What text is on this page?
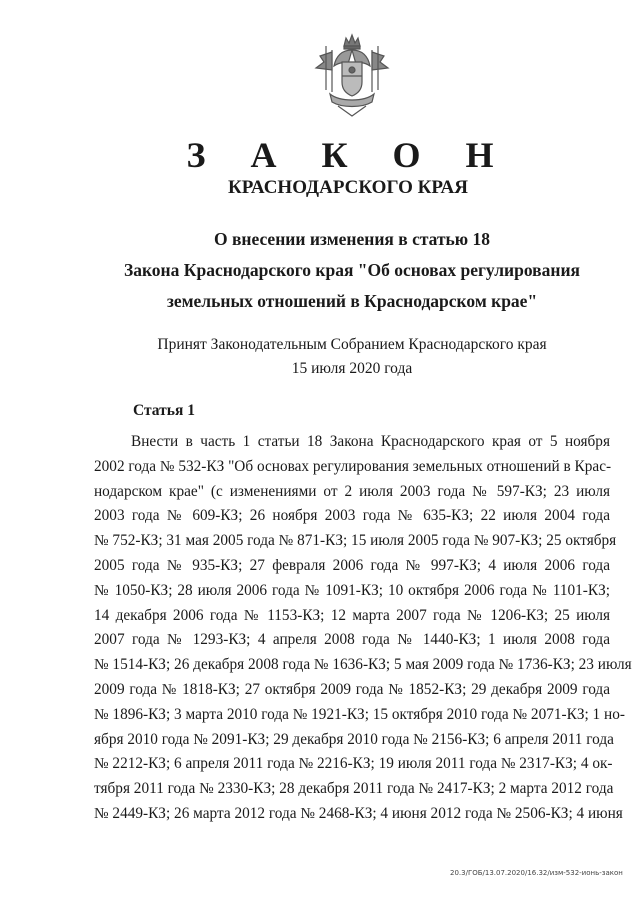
З А К О Н
КРАСНОДАРСКОГО КРАЯ

О внесении изменения в статью 18

Закона Краснодарского края "Об основах регулирования

земельных отношений в Краснодарском крае"

Принят Законодательным Собранием Краснодарского края

15 июля 2020 года

Статья 1

Внести в часть 1 статьи 18 Закона Краснодарского края от 5 ноября
2002 года № 532-КЗ "Об основах регулирования земельных отношений в Крас-
нодарском крае" (с изменениями от 2 июля 2003 года № 597-КЗ; 23 июля
2003 года № 609-КЗ; 26 ноября 2003 года № 635-КЗ; 22 июля 2004 года
№ 752-КЗ; 31 мая 2005 года № 871-КЗ; 15 июля 2005 года № 907-КЗ; 25 октября
2005 года № 935-КЗ; 27 февраля 2006 года № 997-КЗ; 4 июля 2006 года
№ 1050-КЗ; 28 июля 2006 года № 1091-КЗ; 10 октября 2006 года № 1101-КЗ;
14 декабря 2006 года № 1153-КЗ; 12 марта 2007 года № 1206-КЗ; 25 июля
2007 года № 1293-КЗ; 4 апреля 2008 года № 1440-КЗ; 1 июля 2008 года
№ 1514-КЗ; 26 декабря 2008 года № 1636-КЗ; 5 мая 2009 года № 1736-КЗ; 23 июля
2009 года № 1818-КЗ; 27 октября 2009 года № 1852-КЗ; 29 декабря 2009 года
№ 1896-КЗ; 3 марта 2010 года № 1921-КЗ; 15 октября 2010 года № 2071-КЗ; 1 но-
ября 2010 года № 2091-КЗ; 29 декабря 2010 года № 2156-КЗ; 6 апреля 2011 года
№ 2212-КЗ; 6 апреля 2011 года № 2216-КЗ; 19 июля 2011 года № 2317-КЗ; 4 ок-
тября 2011 года № 2330-КЗ; 28 декабря 2011 года № 2417-КЗ; 2 марта 2012 года
№ 2449-КЗ; 26 марта 2012 года № 2468-КЗ; 4 июня 2012 года № 2506-КЗ; 4 июня
20.3/ГОБ/13.07.2020/16.32/изм-532-ионь-закон
